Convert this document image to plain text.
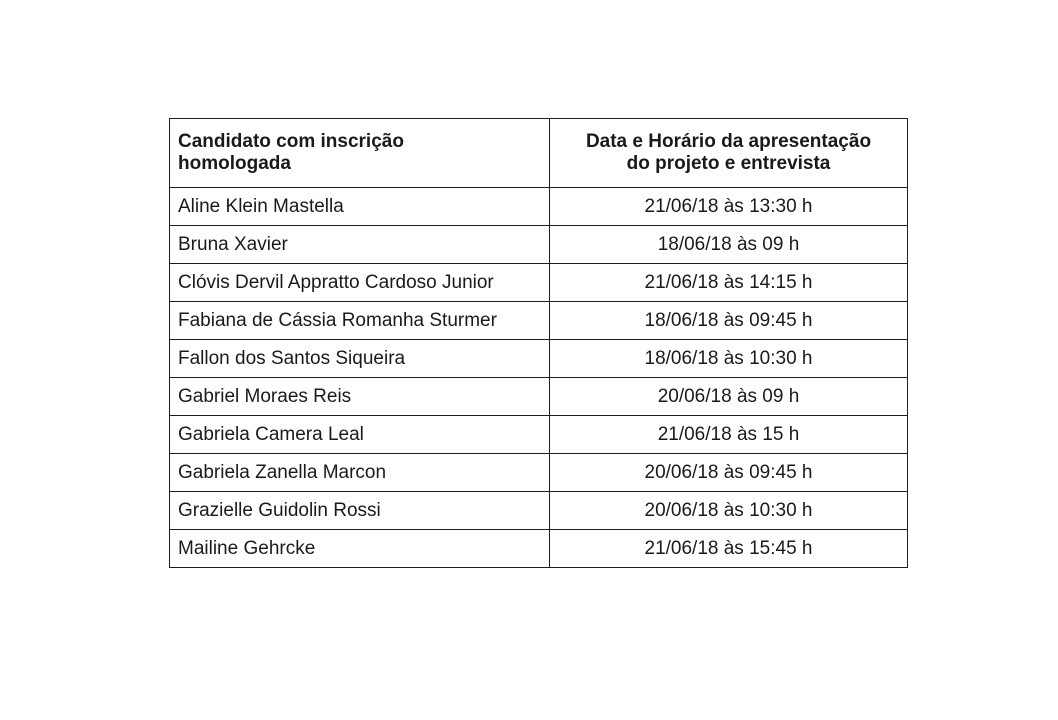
Candidato com inscrição
homologada	Data e Horário da apresentação
do projeto e entrevista

Aline Klein Mastella	21/06/18 às 13:30 h
Bruna Xavier	18/06/18 às 09 h
Clóvis Dervil Appratto Cardoso Junior	21/06/18 às 14:15 h
Fabiana de Cássia Romanha Sturmer	18/06/18 às 09:45 h
Fallon dos Santos Siqueira	18/06/18 às 10:30 h
Gabriel Moraes Reis	20/06/18 às 09 h
Gabriela Camera Leal	21/06/18 às 15 h
Gabriela Zanella Marcon	20/06/18 às 09:45 h
Grazielle Guidolin Rossi	20/06/18 às 10:30 h
Mailine Gehrcke	21/06/18 às 15:45 h
